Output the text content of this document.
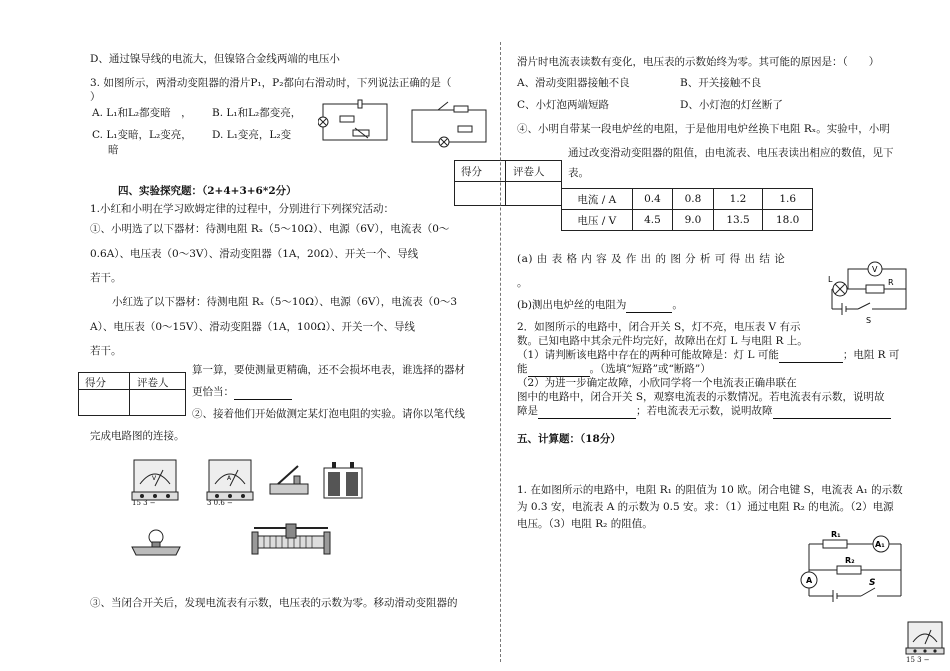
D、通过镍导线的电流大，但镍铬合金线两端的电压小
3. 如图所示，两滑动变阻器的滑片P₁，P₂都向右滑动时，下列说法正确的是（
）
A. L₁和L₂都变暗　， B. L₁和L₂都变亮，
C. L₁变暗，L₂变亮， D. L₁变亮，L₂变
暗
得分	评卷人
四、实验探究题：（2+4+3+6*2分）
1.小红和小明在学习欧姆定律的过程中，分别进行下列探究活动：
①、小明选了以下器材：待测电阻 Rₓ（5～10Ω）、电源（6V），电流表（0～
0.6A）、电压表（0～3V）、滑动变阻器（1A，20Ω）、开关一个、导线
若干。
小红选了以下器材：待测电阻 Rₓ（5～10Ω）、电源（6V），电流表（0～3
A）、电压表（0～15V）、滑动变阻器（1A，100Ω）、开关一个、导线
若干。
得分	评卷人
算一算，要使测量更精确，还不会损坏电表，谁选择的器材
更恰当：
②、接着他们开始做测定某灯泡电阻的实验。请你以笔代线
完成电路图的连接。
V
15 3 −
A
3 0.6 −
③、当闭合开关后，发现电流表有示数，电压表的示数为零。移动滑动变阻器的
滑片时电流表读数有变化，电压表的示数始终为零。其可能的原因是：（　　）
A、滑动变阻器接触不良	B、开关接触不良
C、小灯泡两端短路	D、小灯泡的灯丝断了
④、小明自带某一段电炉丝的电阻，于是他用电炉丝换下电阻 Rₓ。实验中，小明
通过改变滑动变阻器的阻值，由电流表、电压表读出相应的数值，见下
表。
电流 / A	0.4	0.8	1.2	1.6
电压 / V	4.5	9.0	13.5	18.0
(a) 由 表 格 内 容 及 作 出 的 图 分 析 可 得 出 结 论
。
(b)测出电炉丝的电阻为	。
V
L	R
S
2．如图所示的电路中，闭合开关 S，灯不亮，电压表 V 有示
数。已知电路中其余元件均完好，故障出在灯 L 与电阻 R 上。
（1）请判断该电路中存在的两种可能故障是：灯 L 可能	；电阻 R 可
能	。（选填“短路”或“断路”）
（2）为进一步确定故障，小欣同学将一个电流表正确串联在
图中的电路中，闭合开关 S，观察电流表的示数情况。若电流表有示数，说明故
障是	；若电流表无示数，说明故障
五、计算题：（18分）
1. 在如图所示的电路中，电阻 R₁ 的阻值为 10 欧。闭合电键 S，电流表 A₁ 的示数
为 0.3 安，电流表 A 的示数为 0.5 安。求：（1）通过电阻 R₂ 的电流。（2）电源
电压。（3）电阻 R₂ 的阻值。
R₁
R₂
A₁
A	S
15 3 −
